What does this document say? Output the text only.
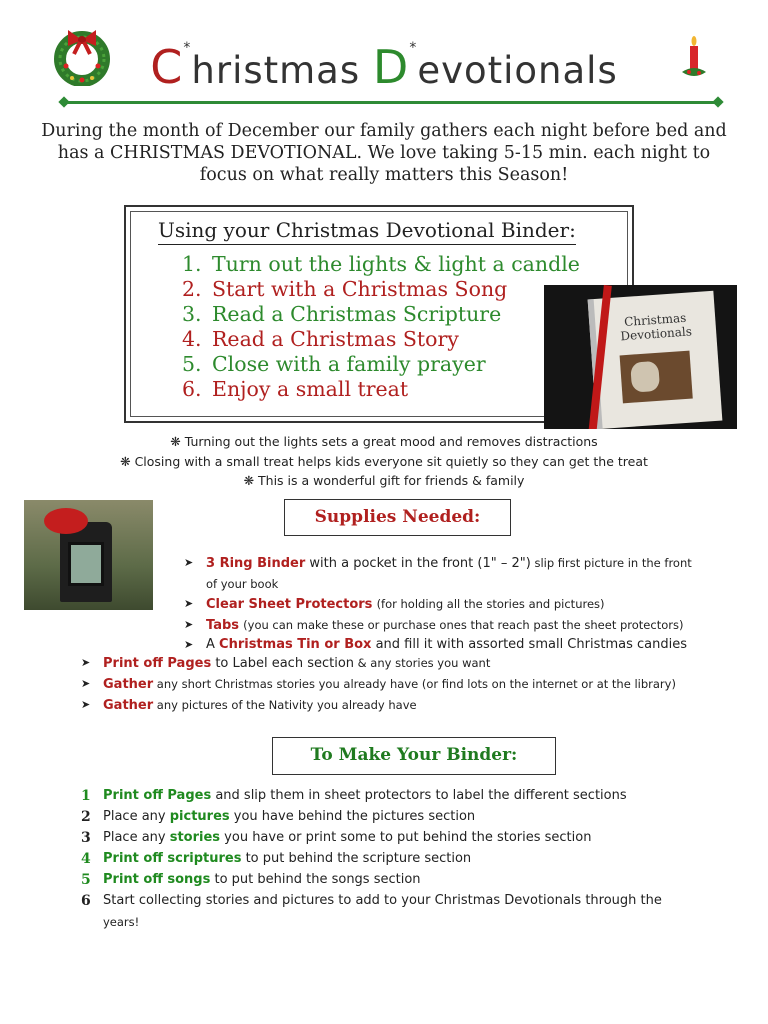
C*hristmas D*evotionals
During the month of December our family gathers each night before bed and
has a CHRISTMAS DEVOTIONAL. We love taking 5-15 min. each night to
focus on what really matters this Season!
Using your Christmas Devotional Binder:
1. Turn out the lights & light a candle
2. Start with a Christmas Song
3. Read a Christmas Scripture
4. Read a Christmas Story
5. Close with a family prayer
6. Enjoy a small treat
Christmas Devotionals
❋ Turning out the lights sets a great mood and removes distractions
❋ Closing with a small treat helps kids everyone sit quietly so they can get the treat
❋ This is a wonderful gift for friends & family
Supplies Needed:
➤ 3 Ring Binder with a pocket in the front (1" – 2") slip first picture in the front
of your book
➤ Clear Sheet Protectors (for holding all the stories and pictures)
➤ Tabs (you can make these or purchase ones that reach past the sheet protectors)
➤ A Christmas Tin or Box and fill it with assorted small Christmas candies
➤ Print off Pages to Label each section & any stories you want
➤ Gather any short Christmas stories you already have (or find lots on the internet or at the library)
➤ Gather any pictures of the Nativity you already have
To Make Your Binder:
1 Print off Pages and slip them in sheet protectors to label the different sections
2 Place any pictures you have behind the pictures section
3 Place any stories you have or print some to put behind the stories section
4 Print off scriptures to put behind the scripture section
5 Print off songs to put behind the songs section
6 Start collecting stories and pictures to add to your Christmas Devotionals through the
years!
